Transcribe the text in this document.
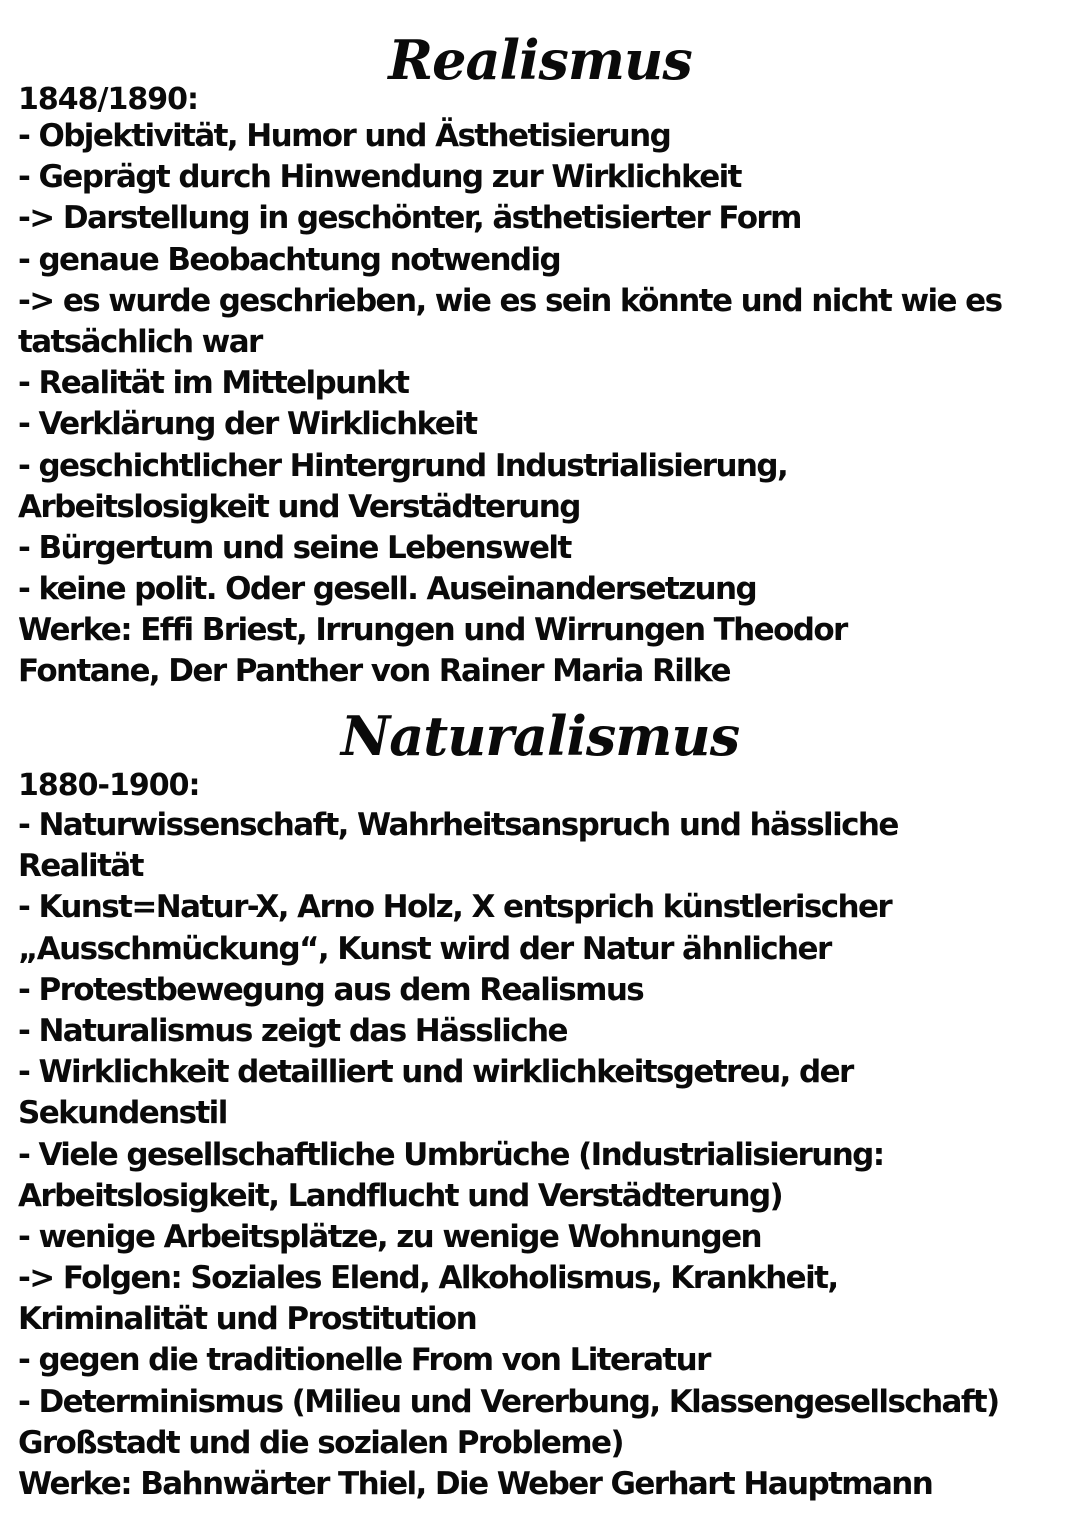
Realismus
1848/1890:
- Objektivität, Humor und Ästhetisierung
- Geprägt durch Hinwendung zur Wirklichkeit
-> Darstellung in geschönter, ästhetisierter Form
- genaue Beobachtung notwendig
-> es wurde geschrieben, wie es sein könnte und nicht wie es
tatsächlich war
- Realität im Mittelpunkt
- Verklärung der Wirklichkeit
- geschichtlicher Hintergrund Industrialisierung,
Arbeitslosigkeit und Verstädterung
- Bürgertum und seine Lebenswelt
- keine polit. Oder gesell. Auseinandersetzung
Werke: Effi Briest, Irrungen und Wirrungen Theodor
Fontane, Der Panther von Rainer Maria Rilke
Naturalismus
1880-1900:
- Naturwissenschaft, Wahrheitsanspruch und hässliche
Realität
- Kunst=Natur-X, Arno Holz, X entsprich künstlerischer
„Ausschmückung“, Kunst wird der Natur ähnlicher
- Protestbewegung aus dem Realismus
- Naturalismus zeigt das Hässliche
- Wirklichkeit detailliert und wirklichkeitsgetreu, der
Sekundenstil
- Viele gesellschaftliche Umbrüche (Industrialisierung:
Arbeitslosigkeit, Landflucht und Verstädterung)
- wenige Arbeitsplätze, zu wenige Wohnungen
-> Folgen: Soziales Elend, Alkoholismus, Krankheit,
Kriminalität und Prostitution
- gegen die traditionelle From von Literatur
- Determinismus (Milieu und Vererbung, Klassengesellschaft)
Großstadt und die sozialen Probleme)
Werke: Bahnwärter Thiel, Die Weber Gerhart Hauptmann
